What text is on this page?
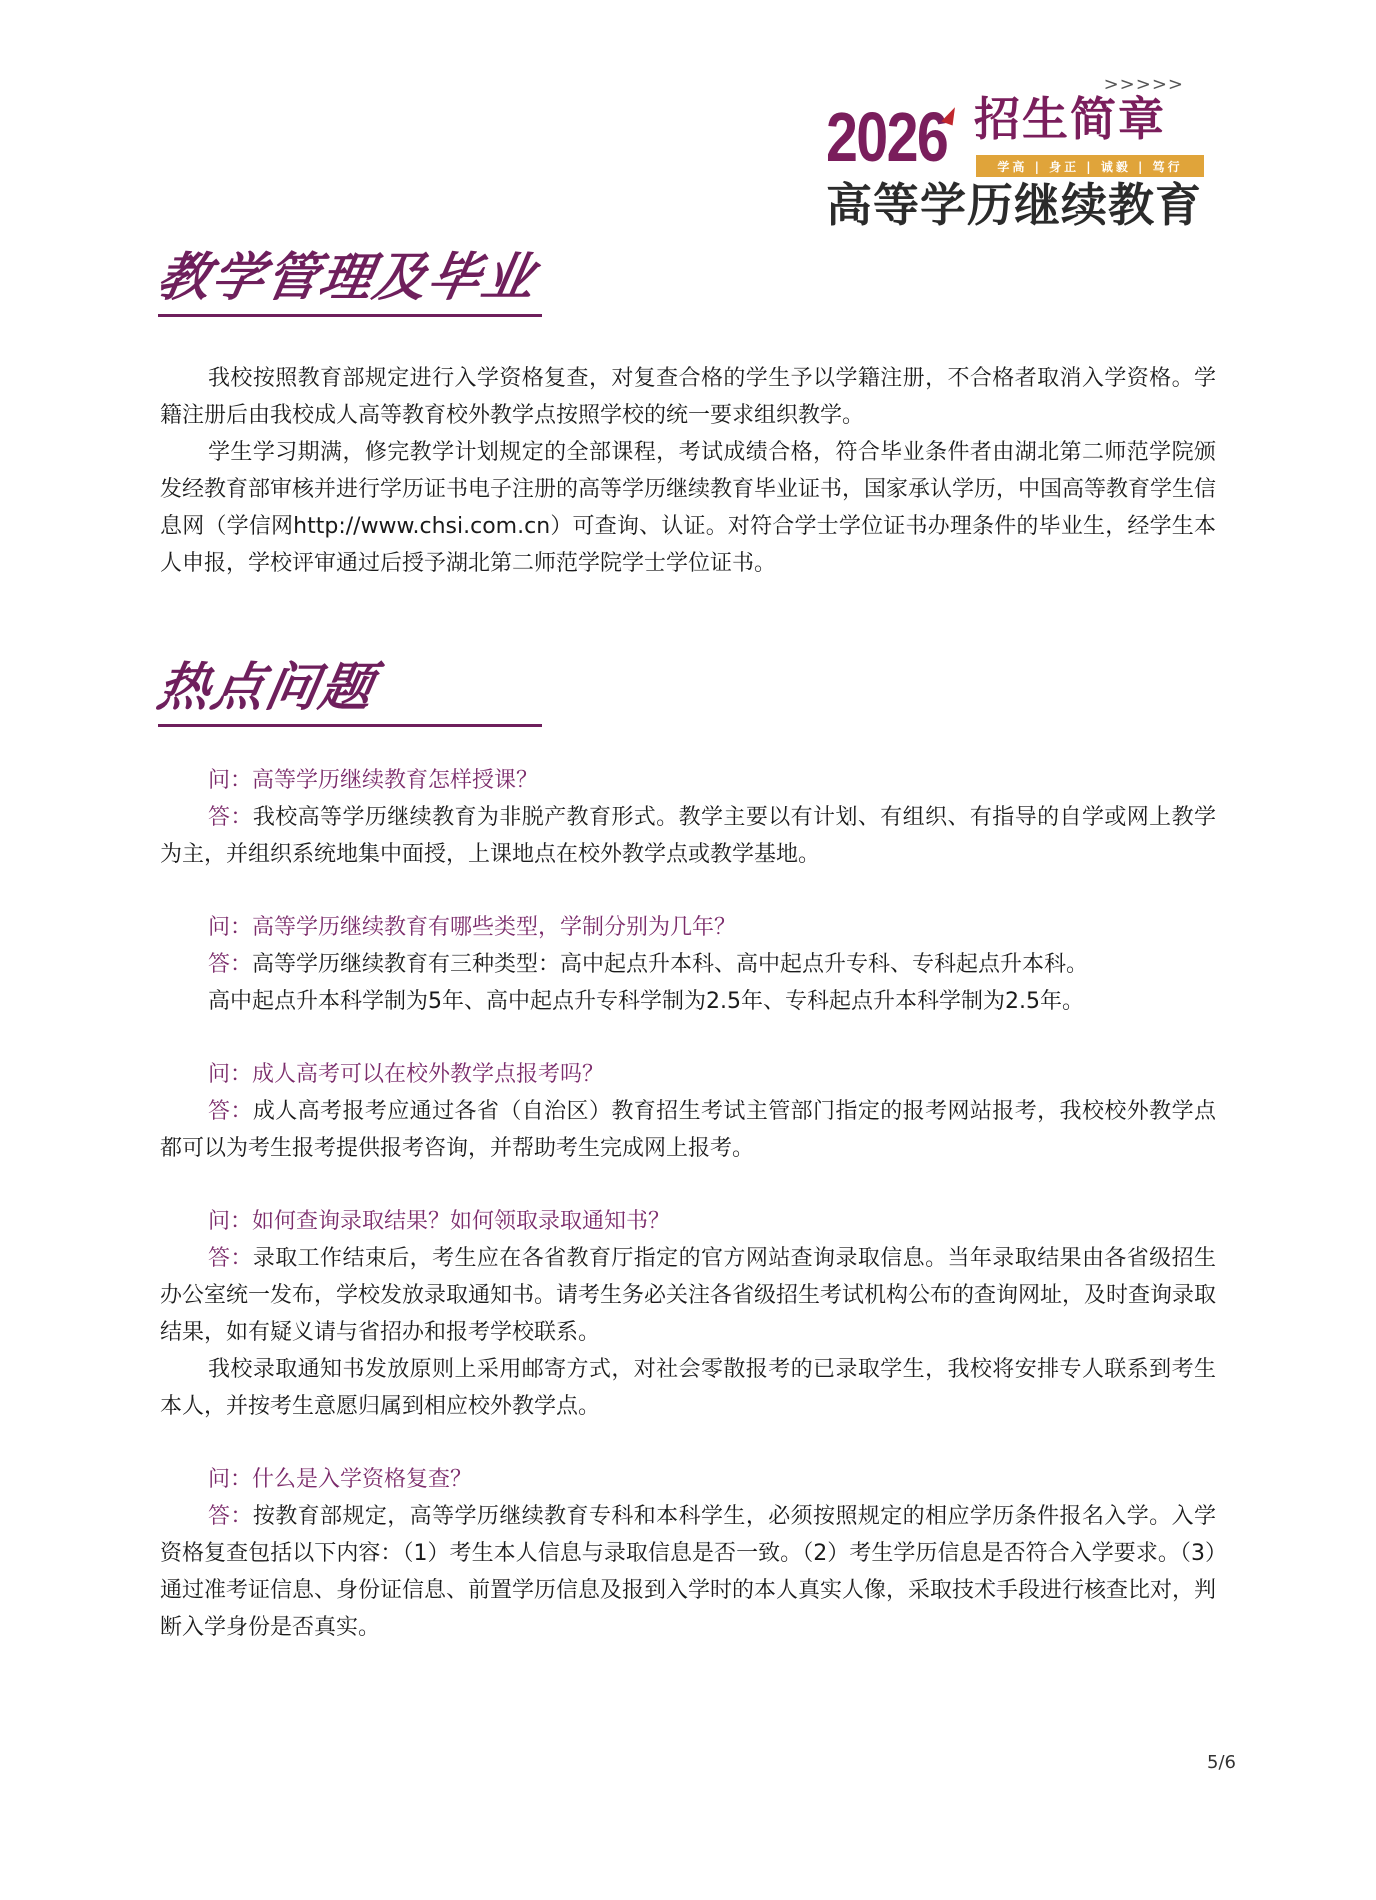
>>>>>
2026 招生简章
学高 | 身正 | 诚毅 | 笃行
高等学历继续教育
教学管理及毕业

我校按照教育部规定进行入学资格复查，对复查合格的学生予以学籍注册，不合格者取消入学资格。学籍注册后由我校成人高等教育校外教学点按照学校的统一要求组织教学。

学生学习期满，修完教学计划规定的全部课程，考试成绩合格，符合毕业条件者由湖北第二师范学院颁发经教育部审核并进行学历证书电子注册的高等学历继续教育毕业证书，国家承认学历，中国高等教育学生信息网（学信网http://www.chsi.com.cn）可查询、认证。对符合学士学位证书办理条件的毕业生，经学生本人申报，学校评审通过后授予湖北第二师范学院学士学位证书。

热点问题

问：高等学历继续教育怎样授课？

答：我校高等学历继续教育为非脱产教育形式。教学主要以有计划、有组织、有指导的自学或网上教学为主，并组织系统地集中面授，上课地点在校外教学点或教学基地。

问：高等学历继续教育有哪些类型，学制分别为几年？

答：高等学历继续教育有三种类型：高中起点升本科、高中起点升专科、专科起点升本科。

高中起点升本科学制为5年、高中起点升专科学制为2.5年、专科起点升本科学制为2.5年。

问：成人高考可以在校外教学点报考吗？

答：成人高考报考应通过各省（自治区）教育招生考试主管部门指定的报考网站报考，我校校外教学点都可以为考生报考提供报考咨询，并帮助考生完成网上报考。

问：如何查询录取结果？如何领取录取通知书？

答：录取工作结束后，考生应在各省教育厅指定的官方网站查询录取信息。当年录取结果由各省级招生办公室统一发布，学校发放录取通知书。请考生务必关注各省级招生考试机构公布的查询网址，及时查询录取结果，如有疑义请与省招办和报考学校联系。

我校录取通知书发放原则上采用邮寄方式，对社会零散报考的已录取学生，我校将安排专人联系到考生本人，并按考生意愿归属到相应校外教学点。

问：什么是入学资格复查？

答：按教育部规定，高等学历继续教育专科和本科学生，必须按照规定的相应学历条件报名入学。入学资格复查包括以下内容：（1）考生本人信息与录取信息是否一致。（2）考生学历信息是否符合入学要求。（3）通过准考证信息、身份证信息、前置学历信息及报到入学时的本人真实人像，采取技术手段进行核查比对，判断入学身份是否真实。

5/6
